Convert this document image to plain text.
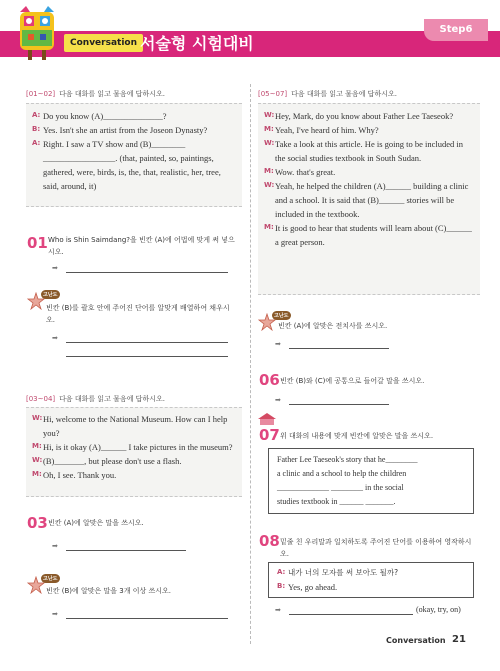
Conversation 서술형 시험대비
Step6
[01~02] 다음 대화를 읽고 물음에 답하시오.
A: Do you know (A)______________?
B: Yes. Isn't she an artist from the Joseon Dynasty?
A: Right. I saw a TV show and (B)________ _________________. (that, painted, so, paintings, gathered, were, birds, is, the, that, realistic, her, tree, said, around, it)
01 Who is Shin Saimdang?을 빈칸 (A)에 어법에 맞게 써 넣으시오.
➡
고난도
빈칸 (B)를 괄호 안에 주어진 단어를 알맞게 배열하여 채우시오.
➡
[03~04] 다음 대화를 읽고 물음에 답하시오.
W: Hi, welcome to the National Museum. How can I help you?
M: Hi, is it okay (A)______ I take pictures in the museum?
W: (B)_______, but please don't use a flash.
M: Oh, I see. Thank you.
03 빈칸 (A)에 알맞은 말을 쓰시오.
➡
고난도
빈칸 (B)에 알맞은 말을 3개 이상 쓰시오.
➡
[05~07] 다음 대화를 읽고 물음에 답하시오.
W: Hey, Mark, do you know about Father Lee Taeseok?
M: Yeah, I've heard of him. Why?
W: Take a look at this article. He is going to be included in the social studies textbook in South Sudan.
M: Wow. that's great.
W: Yeah, he helped the children (A)______ building a clinic and a school. It is said that (B)______ stories will be included in the textbook.
M: It is good to hear that students will learn about (C)______ a great person.
고난도
빈칸 (A)에 알맞은 전치사를 쓰시오.
➡
06 빈칸 (B)와 (C)에 공통으로 들어갈 말을 쓰시오.
➡
07 위 대화의 내용에 맞게 빈칸에 알맞은 말을 쓰시오.
Father Lee Taeseok's story that he________
a clinic and a school to help the children
_____________ ________ in the social
studies textbook in ______ _______.
08 밑줄 친 우리말과 일치하도록 주어진 단어를 이용하여 영작하시오.
A: 내가 너의 모자를 써 보아도 될까?
B: Yes, go ahead.
➡	(okay, try, on)
Conversation 21
